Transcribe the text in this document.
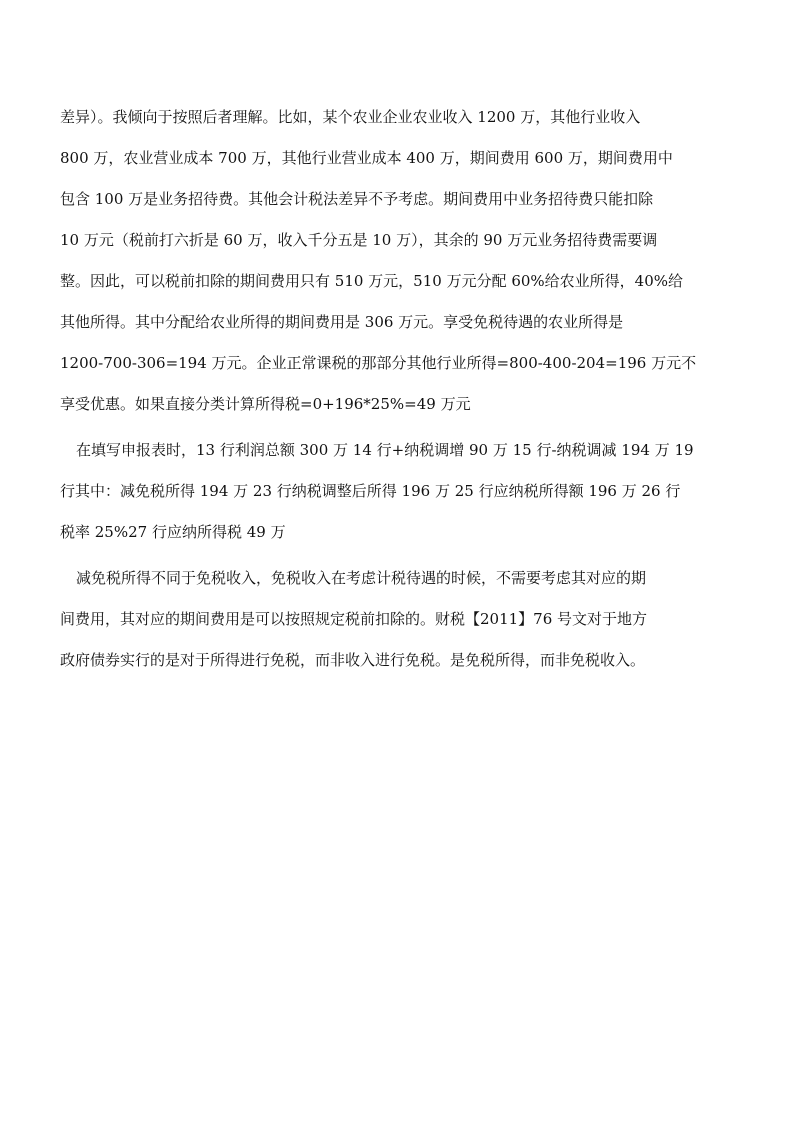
差异）。我倾向于按照后者理解。比如，某个农业企业农业收入 1200 万，其他行业收入

800 万，农业营业成本 700 万，其他行业营业成本 400 万，期间费用 600 万，期间费用中

包含 100 万是业务招待费。其他会计税法差异不予考虑。期间费用中业务招待费只能扣除

10 万元（税前打六折是 60 万，收入千分五是 10 万），其余的 90 万元业务招待费需要调

整。因此，可以税前扣除的期间费用只有 510 万元，510 万元分配 60%给农业所得，40%给

其他所得。其中分配给农业所得的期间费用是 306 万元。享受免税待遇的农业所得是

1200-700-306=194 万元。企业正常课税的那部分其他行业所得=800-400-204=196 万元不

享受优惠。如果直接分类计算所得税=0+196*25%=49 万元

在填写申报表时，13 行利润总额 300 万 14 行+纳税调增 90 万 15 行-纳税调减 194 万 19

行其中：减免税所得 194 万 23 行纳税调整后所得 196 万 25 行应纳税所得额 196 万 26 行

税率 25%27 行应纳所得税 49 万

减免税所得不同于免税收入，免税收入在考虑计税待遇的时候，不需要考虑其对应的期

间费用，其对应的期间费用是可以按照规定税前扣除的。财税【2011】76 号文对于地方

政府债券实行的是对于所得进行免税，而非收入进行免税。是免税所得，而非免税收入。
